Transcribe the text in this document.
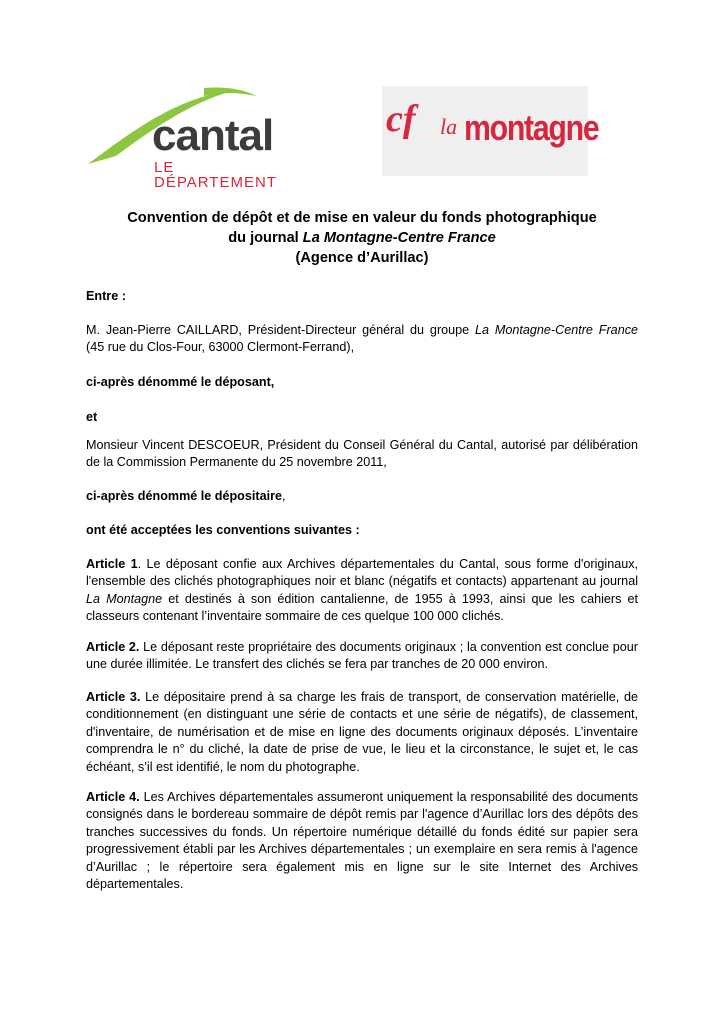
cantal
LE DÉPARTEMENT
cf la montagne
Convention de dépôt et de mise en valeur du fonds photographique
du journal La Montagne-Centre France
(Agence d’Aurillac)
Entre :
M. Jean-Pierre CAILLARD, Président-Directeur général du groupe La Montagne-Centre France (45 rue du Clos-Four, 63000 Clermont-Ferrand),
ci-après dénommé le déposant,
et
Monsieur Vincent DESCOEUR, Président du Conseil Général du Cantal, autorisé par délibération de la Commission Permanente du 25 novembre 2011,
ci-après dénommé le dépositaire,
ont été acceptées les conventions suivantes :
Article 1. Le déposant confie aux Archives départementales du Cantal, sous forme d'originaux, l'ensemble des clichés photographiques noir et blanc (négatifs et contacts) appartenant au journal La Montagne et destinés à son édition cantalienne, de 1955 à 1993, ainsi que les cahiers et classeurs contenant l’inventaire sommaire de ces quelque 100 000 clichés.
Article 2. Le déposant reste propriétaire des documents originaux ; la convention est conclue pour une durée illimitée. Le transfert des clichés se fera par tranches de 20 000 environ.
Article 3. Le dépositaire prend à sa charge les frais de transport, de conservation matérielle, de conditionnement (en distinguant une série de contacts et une série de négatifs), de classement, d'inventaire, de numérisation et de mise en ligne des documents originaux déposés. L’inventaire comprendra le n° du cliché, la date de prise de vue, le lieu et la circonstance, le sujet et, le cas échéant, s’il est identifié, le nom du photographe.
Article 4. Les Archives départementales assumeront uniquement la responsabilité des documents consignés dans le bordereau sommaire de dépôt remis par l'agence d’Aurillac lors des dépôts des tranches successives du fonds. Un répertoire numérique détaillé du fonds édité sur papier sera progressivement établi par les Archives départementales ; un exemplaire en sera remis à l'agence d’Aurillac ; le répertoire sera également mis en ligne sur le site Internet des Archives départementales.
